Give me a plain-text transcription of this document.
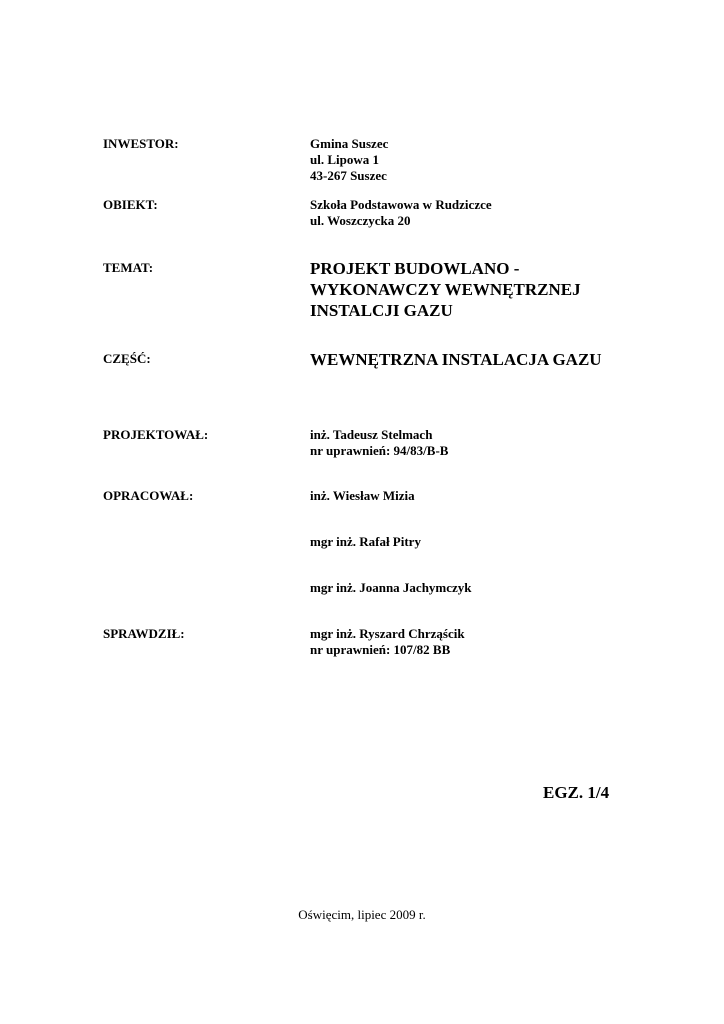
INWESTOR:	Gmina Suszec
ul. Lipowa 1
43-267 Suszec
OBIEKT:	Szkoła Podstawowa w Rudziczce
ul. Woszczycka 20
TEMAT:	PROJEKT BUDOWLANO -
WYKONAWCZY WEWNĘTRZNEJ
INSTALCJI GAZU
CZĘŚĆ:	WEWNĘTRZNA INSTALACJA GAZU
PROJEKTOWAŁ:	inż. Tadeusz Stelmach
nr uprawnień: 94/83/B-B
OPRACOWAŁ:	inż. Wiesław Mizia
mgr inż. Rafał Pitry
mgr inż. Joanna Jachymczyk
SPRAWDZIŁ:	mgr inż. Ryszard Chrząścik
nr uprawnień: 107/82 BB
EGZ. 1/4
Oświęcim, lipiec 2009 r.
